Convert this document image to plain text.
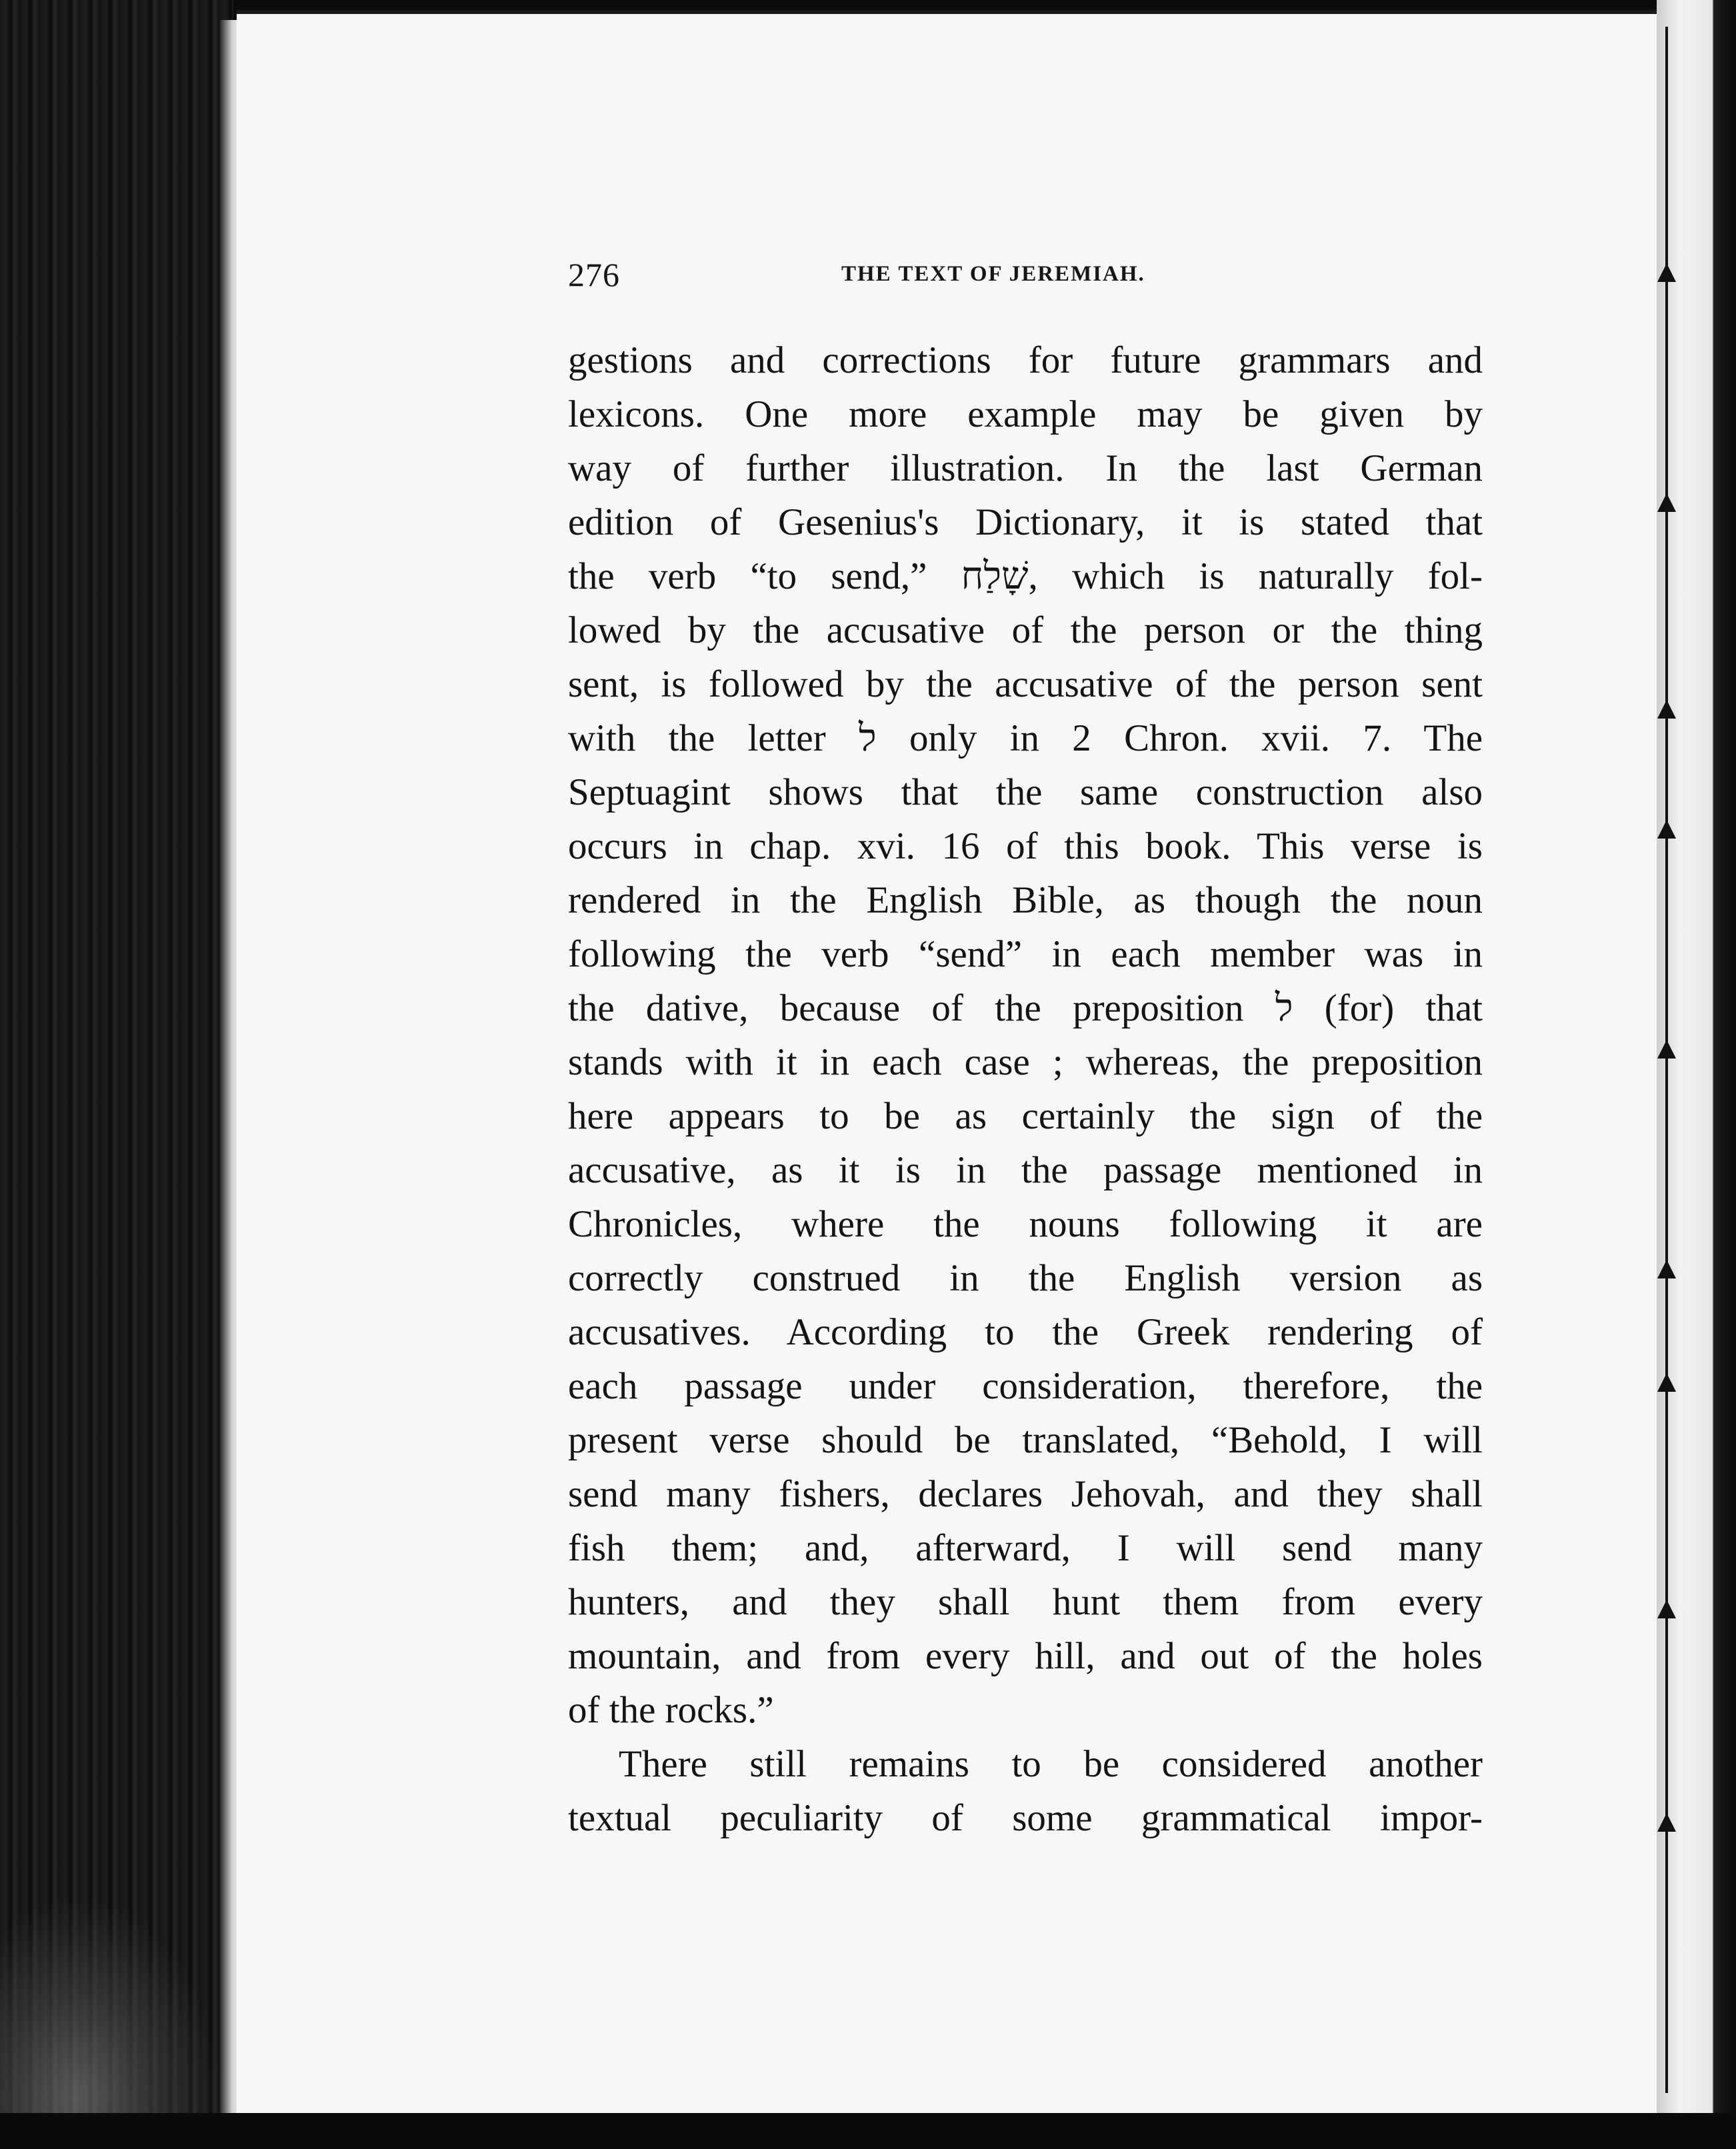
276	THE TEXT OF JEREMIAH.
gestions and corrections for future grammars and
lexicons. One more example may be given by
way of further illustration. In the last German
edition of Gesenius's Dictionary, it is stated that
the verb “to send,” שָׁלַח, which is naturally fol-
lowed by the accusative of the person or the thing
sent, is followed by the accusative of the person sent
with the letter ל only in 2 Chron. xvii. 7. The
Septuagint shows that the same construction also
occurs in chap. xvi. 16 of this book. This verse is
rendered in the English Bible, as though the noun
following the verb “send” in each member was in
the dative, because of the preposition ל (for) that
stands with it in each case ; whereas, the preposition
here appears to be as certainly the sign of the
accusative, as it is in the passage mentioned in
Chronicles, where the nouns following it are
correctly construed in the English version as
accusatives. According to the Greek rendering of
each passage under consideration, therefore, the
present verse should be translated, “Behold, I will
send many fishers, declares Jehovah, and they shall
fish them; and, afterward, I will send many
hunters, and they shall hunt them from every
mountain, and from every hill, and out of the holes
of the rocks.”
There still remains to be considered another
textual peculiarity of some grammatical impor-
